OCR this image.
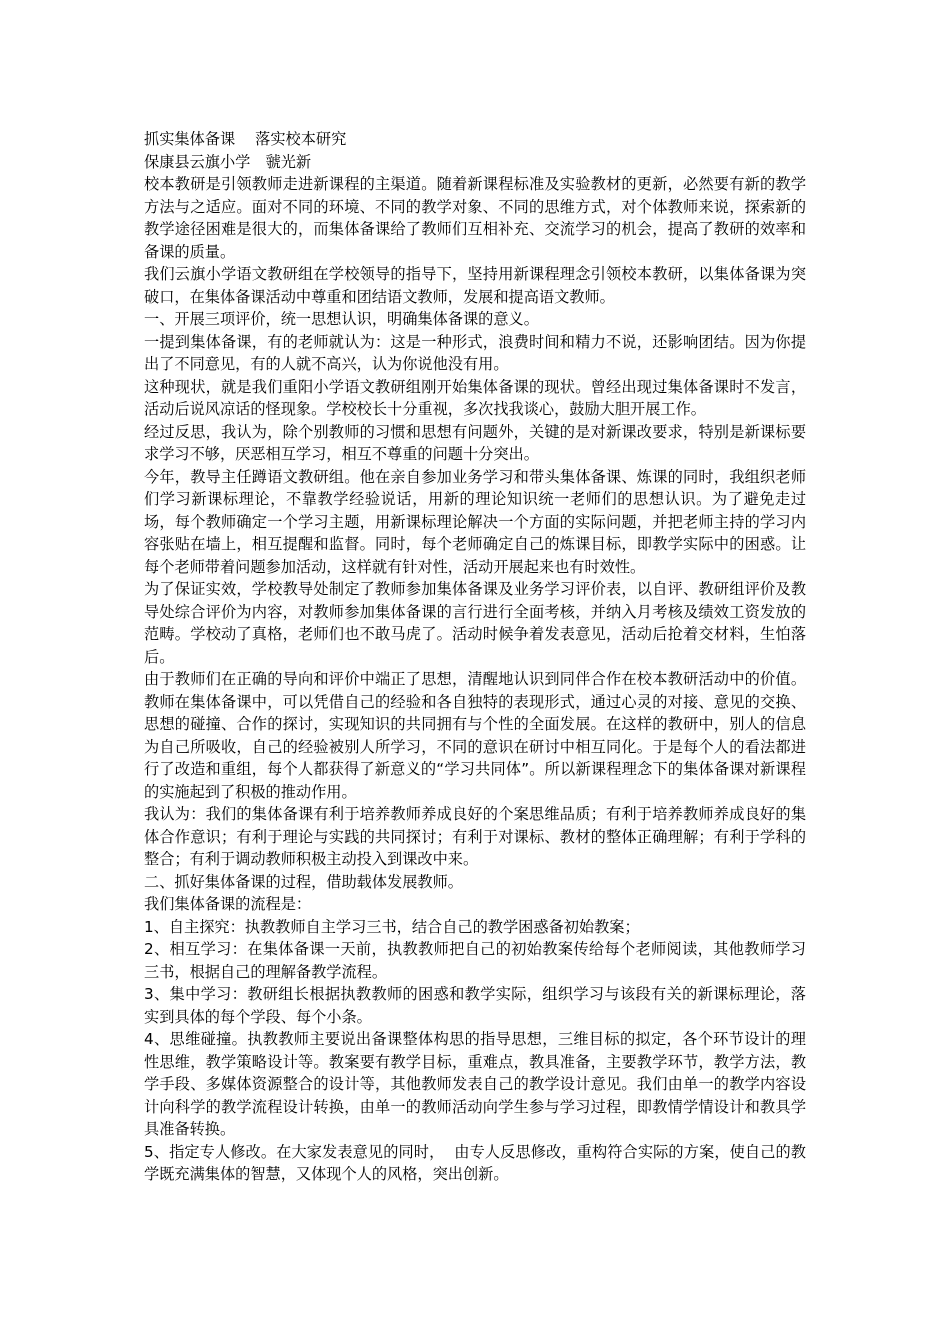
抓实集体备课　 落实校本研究

保康县云旗小学　虢光新

校本教研是引领教师走进新课程的主渠道。随着新课程标准及实验教材的更新，必然要有新的教学方法与之适应。面对不同的环境、不同的教学对象、不同的思维方式，对个体教师来说，探索新的教学途径困难是很大的，而集体备课给了教师们互相补充、交流学习的机会，提高了教研的效率和备课的质量。

我们云旗小学语文教研组在学校领导的指导下，坚持用新课程理念引领校本教研，以集体备课为突破口，在集体备课活动中尊重和团结语文教师，发展和提高语文教师。

一、开展三项评价，统一思想认识，明确集体备课的意义。

一提到集体备课，有的老师就认为：这是一种形式，浪费时间和精力不说，还影响团结。因为你提出了不同意见，有的人就不高兴，认为你说他没有用。

这种现状，就是我们重阳小学语文教研组刚开始集体备课的现状。曾经出现过集体备课时不发言，活动后说风凉话的怪现象。学校校长十分重视，多次找我谈心，鼓励大胆开展工作。

经过反思，我认为，除个别教师的习惯和思想有问题外，关键的是对新课改要求，特别是新课标要求学习不够，厌恶相互学习，相互不尊重的问题十分突出。

今年，教导主任蹲语文教研组。他在亲自参加业务学习和带头集体备课、炼课的同时，我组织老师们学习新课标理论，不靠教学经验说话，用新的理论知识统一老师们的思想认识。为了避免走过场，每个教师确定一个学习主题，用新课标理论解决一个方面的实际问题，并把老师主持的学习内容张贴在墙上，相互提醒和监督。同时，每个老师确定自己的炼课目标，即教学实际中的困惑。让每个老师带着问题参加活动，这样就有针对性，活动开展起来也有时效性。

为了保证实效，学校教导处制定了教师参加集体备课及业务学习评价表，以自评、教研组评价及教导处综合评价为内容，对教师参加集体备课的言行进行全面考核，并纳入月考核及绩效工资发放的范畴。学校动了真格，老师们也不敢马虎了。活动时候争着发表意见，活动后抢着交材料，生怕落后。

由于教师们在正确的导向和评价中端正了思想，清醒地认识到同伴合作在校本教研活动中的价值。教师在集体备课中，可以凭借自己的经验和各自独特的表现形式，通过心灵的对接、意见的交换、思想的碰撞、合作的探讨，实现知识的共同拥有与个性的全面发展。在这样的教研中，别人的信息为自己所吸收，自己的经验被别人所学习，不同的意识在研讨中相互同化。于是每个人的看法都进行了改造和重组，每个人都获得了新意义的“学习共同体”。所以新课程理念下的集体备课对新课程的实施起到了积极的推动作用。

我认为：我们的集体备课有利于培养教师养成良好的个案思维品质；有利于培养教师养成良好的集体合作意识；有利于理论与实践的共同探讨；有利于对课标、教材的整体正确理解；有利于学科的整合；有利于调动教师积极主动投入到课改中来。

二、抓好集体备课的过程，借助载体发展教师。

我们集体备课的流程是：

1、自主探究：执教教师自主学习三书，结合自己的教学困惑备初始教案；

2、相互学习：在集体备课一天前，执教教师把自己的初始教案传给每个老师阅读，其他教师学习三书，根据自己的理解备教学流程。

3、集中学习：教研组长根据执教教师的困惑和教学实际，组织学习与该段有关的新课标理论，落实到具体的每个学段、每个小条。

4、思维碰撞。执教教师主要说出备课整体构思的指导思想，三维目标的拟定，各个环节设计的理性思维，教学策略设计等。教案要有教学目标，重难点，教具准备，主要教学环节，教学方法，教学手段、多媒体资源整合的设计等，其他教师发表自己的教学设计意见。我们由单一的教学内容设计向科学的教学流程设计转换，由单一的教师活动向学生参与学习过程，即教情学情设计和教具学具准备转换。

5、指定专人修改。在大家发表意见的同时，  由专人反思修改，重构符合实际的方案，使自己的教学既充满集体的智慧，又体现个人的风格，突出创新。
